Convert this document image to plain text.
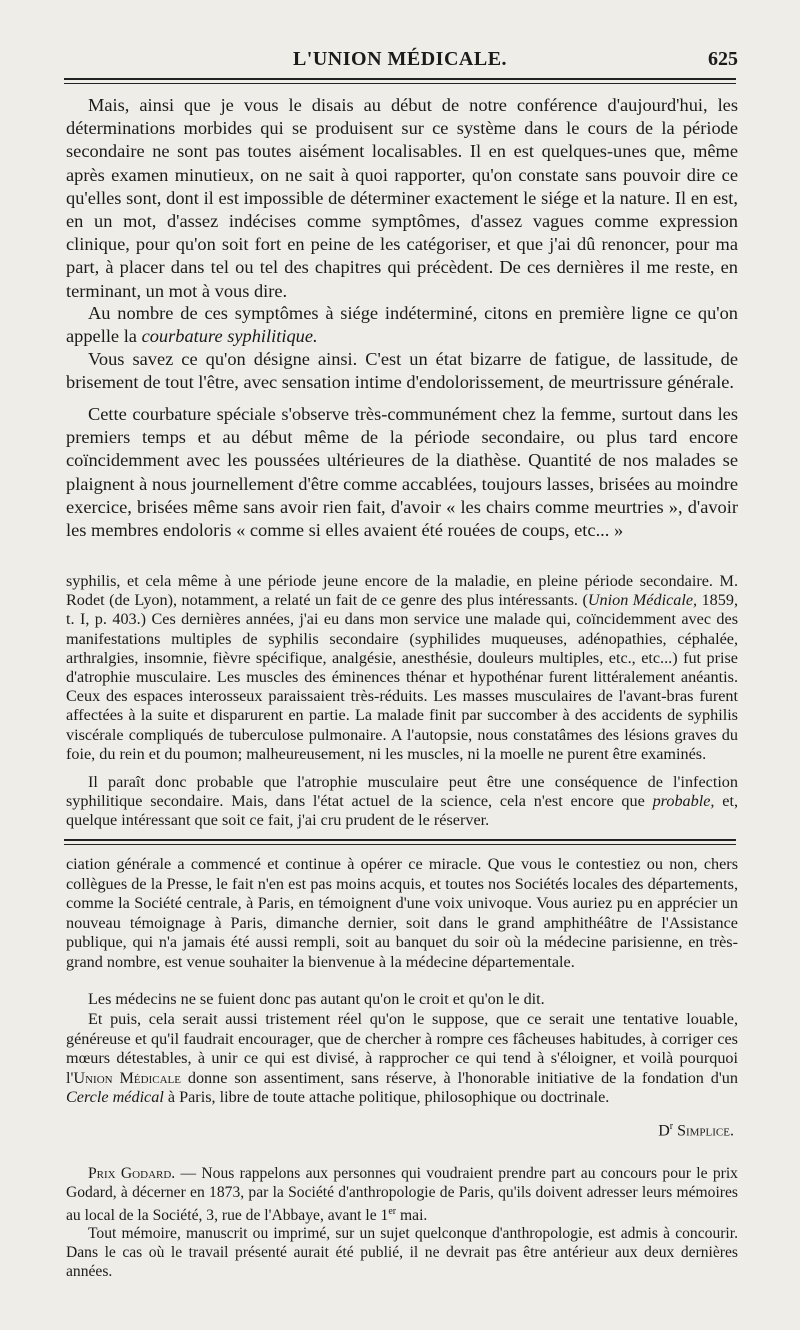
L'UNION MÉDICALE.	625
Mais, ainsi que je vous le disais au début de notre conférence d'aujourd'hui, les déterminations morbides qui se produisent sur ce système dans le cours de la période secondaire ne sont pas toutes aisément localisables. Il en est quelques-unes que, même après examen minutieux, on ne sait à quoi rapporter, qu'on constate sans pouvoir dire ce qu'elles sont, dont il est impossible de déterminer exactement le siége et la nature. Il en est, en un mot, d'assez indécises comme symptômes, d'assez vagues comme expression clinique, pour qu'on soit fort en peine de les catégoriser, et que j'ai dû renoncer, pour ma part, à placer dans tel ou tel des chapitres qui précèdent. De ces dernières il me reste, en terminant, un mot à vous dire.
Au nombre de ces symptômes à siége indéterminé, citons en première ligne ce qu'on appelle la courbature syphilitique.
Vous savez ce qu'on désigne ainsi. C'est un état bizarre de fatigue, de lassitude, de brisement de tout l'être, avec sensation intime d'endolorissement, de meurtrissure générale.
Cette courbature spéciale s'observe très-communément chez la femme, surtout dans les premiers temps et au début même de la période secondaire, ou plus tard encore coïncidemment avec les poussées ultérieures de la diathèse. Quantité de nos malades se plaignent à nous journellement d'être comme accablées, toujours lasses, brisées au moindre exercice, brisées même sans avoir rien fait, d'avoir « les chairs comme meurtries », d'avoir les membres endoloris « comme si elles avaient été rouées de coups, etc... »
syphilis, et cela même à une période jeune encore de la maladie, en pleine période secondaire. M. Rodet (de Lyon), notamment, a relaté un fait de ce genre des plus intéressants. (Union Médicale, 1859, t. I, p. 403.) Ces dernières années, j'ai eu dans mon service une malade qui, coïncidemment avec des manifestations multiples de syphilis secondaire (syphilides muqueuses, adénopathies, céphalée, arthralgies, insomnie, fièvre spécifique, analgésie, anesthésie, douleurs multiples, etc., etc...) fut prise d'atrophie musculaire. Les muscles des éminences thénar et hypothénar furent littéralement anéantis. Ceux des espaces interosseux paraissaient très-réduits. Les masses musculaires de l'avant-bras furent affectées à la suite et disparurent en partie. La malade finit par succomber à des accidents de syphilis viscérale compliqués de tuberculose pulmonaire. A l'autopsie, nous constatâmes des lésions graves du foie, du rein et du poumon; malheureusement, ni les muscles, ni la moelle ne purent être examinés.
Il paraît donc probable que l'atrophie musculaire peut être une conséquence de l'infection syphilitique secondaire. Mais, dans l'état actuel de la science, cela n'est encore que probable, et, quelque intéressant que soit ce fait, j'ai cru prudent de le réserver.
ciation générale a commencé et continue à opérer ce miracle. Que vous le contestiez ou non, chers collègues de la Presse, le fait n'en est pas moins acquis, et toutes nos Sociétés locales des départements, comme la Société centrale, à Paris, en témoignent d'une voix univoque. Vous auriez pu en apprécier un nouveau témoignage à Paris, dimanche dernier, soit dans le grand amphithéâtre de l'Assistance publique, qui n'a jamais été aussi rempli, soit au banquet du soir où la médecine parisienne, en très-grand nombre, est venue souhaiter la bienvenue à la médecine départementale.
Les médecins ne se fuient donc pas autant qu'on le croit et qu'on le dit.
Et puis, cela serait aussi tristement réel qu'on le suppose, que ce serait une tentative louable, généreuse et qu'il faudrait encourager, que de chercher à rompre ces fâcheuses habitudes, à corriger ces mœurs détestables, à unir ce qui est divisé, à rapprocher ce qui tend à s'éloigner, et voilà pourquoi l'Union Médicale donne son assentiment, sans réserve, à l'honorable initiative de la fondation d'un Cercle médical à Paris, libre de toute attache politique, philosophique ou doctrinale.
$D^r$ Simplice.
Prix Godard. — Nous rappelons aux personnes qui voudraient prendre part au concours pour le prix Godard, à décerner en 1873, par la Société d'anthropologie de Paris, qu'ils doivent adresser leurs mémoires au local de la Société, 3, rue de l'Abbaye, avant le 1er mai.
Tout mémoire, manuscrit ou imprimé, sur un sujet quelconque d'anthropologie, est admis à concourir. Dans le cas où le travail présenté aurait été publié, il ne devrait pas être antérieur aux deux dernières années.
